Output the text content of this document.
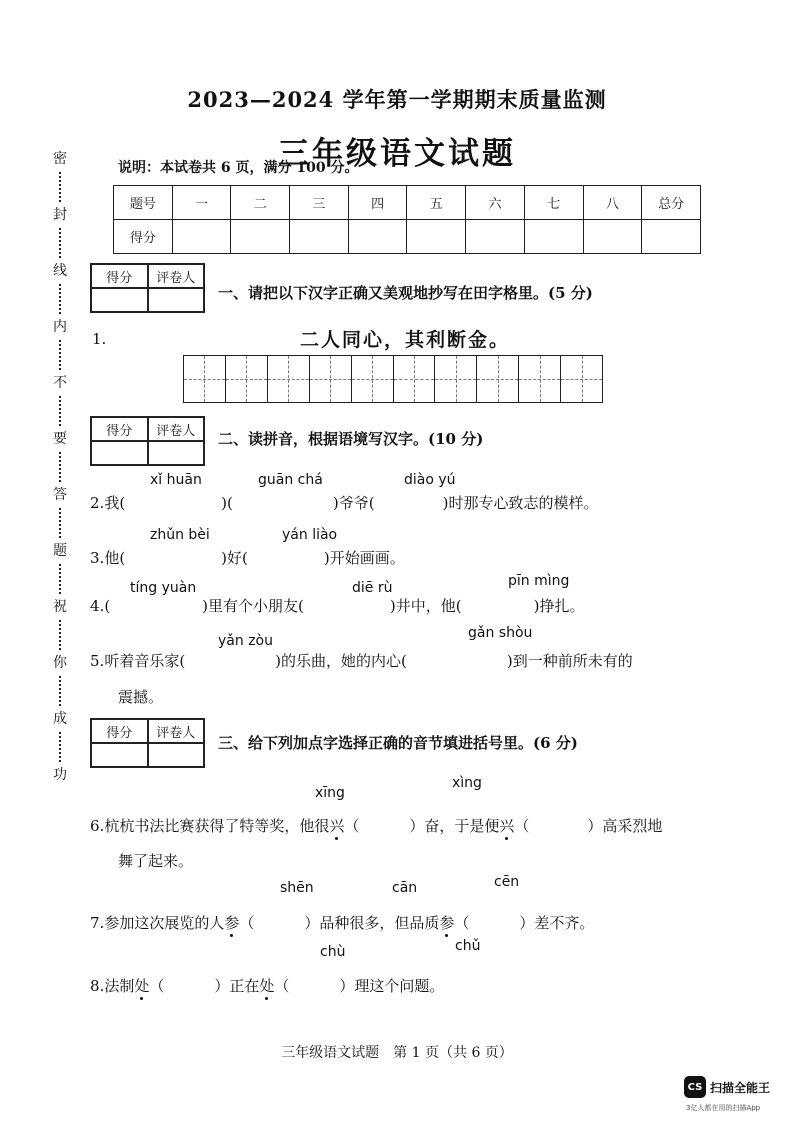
密
封
线
内
不
要
答
题
祝
你
成
功
2023—2024 学年第一学期期末质量监测
三年级语文试题
说明：本试卷共 6 页，满分 100 分。
题号	一	二	三	四	五	六	七	八	总分
得分									
得分	评卷人
一、请把以下汉字正确又美观地抄写在田字格里。(5 分)
1.	二人同心，其利断金。
得分	评卷人	二、读拼音，根据语境写汉字。(10 分)
xǐ huān	guān chá	diào yú
2.我(	)(	)爷爷(	)时那专心致志的模样。
zhǔn bèi	yán liào
3.他(	)好(	)开始画画。
tíng yuàn	diē rù	pīn mìng
4.(	)里有个小朋友(	)井中，他(	)挣扎。
yǎn zòu	gǎn shòu
5.听着音乐家(	)的乐曲，她的内心(	)到一种前所未有的
震撼。
得分	评卷人
三、给下列加点字选择正确的音节填进括号里。(6 分)
xīng
xìng
6.杭杭书法比赛获得了特等奖，他很兴（	）奋，于是便兴（	）高采烈地
舞了起来。
shēn	cān	cēn
7.参加这次展览的人参（	）品种很多，但品质参（	）差不齐。
chù	chǔ
8.法制处（	）正在处（	）理这个问题。
三年级语文试题　第 1 页（共 6 页）
CS 扫描全能王
3亿人都在用的扫描App
